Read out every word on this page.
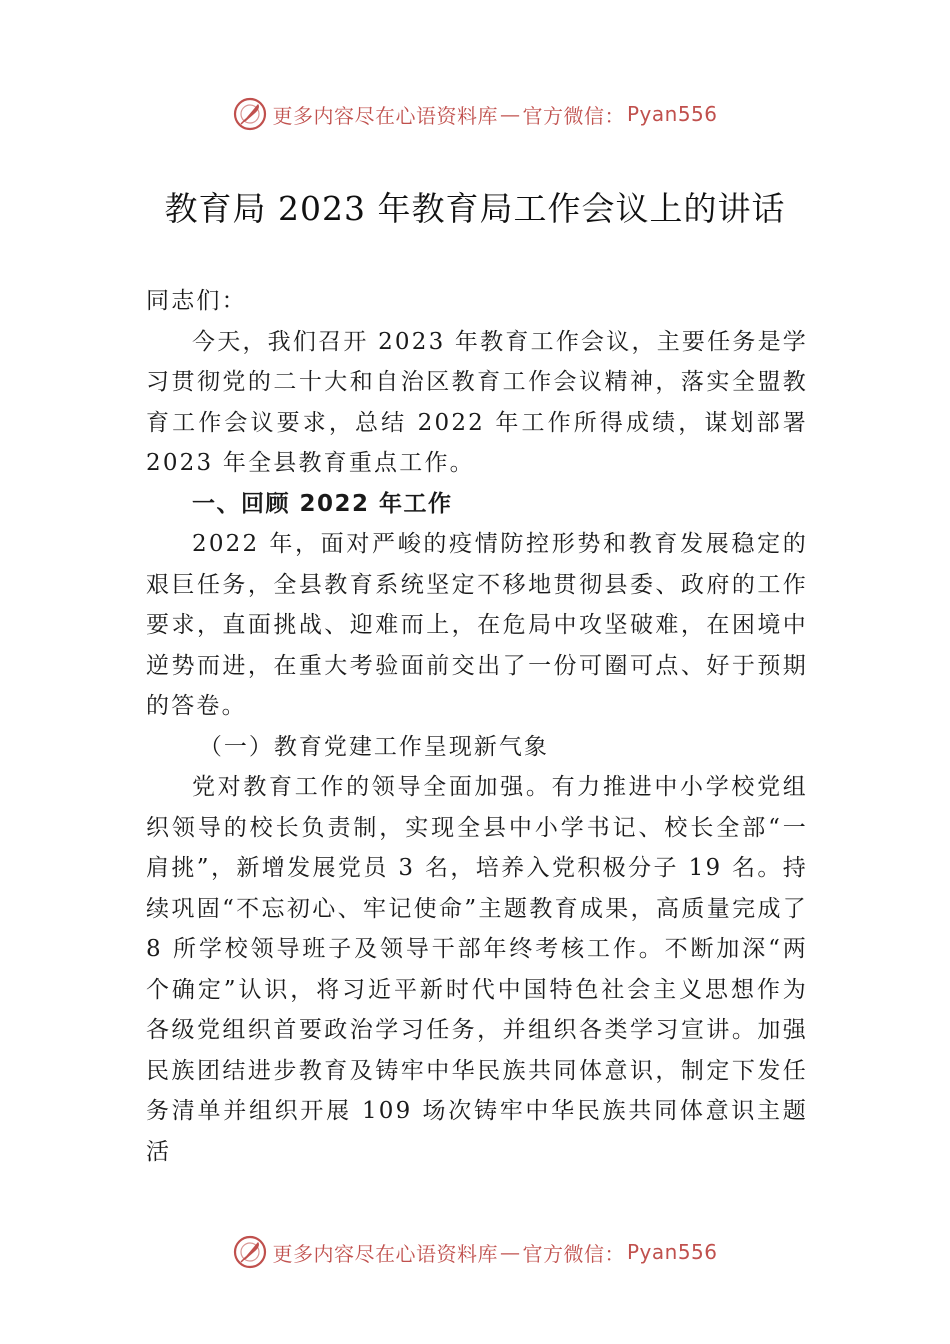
更多内容尽在心语资料库 — 官方微信： Pyan556
教育局 2023 年教育局工作会议上的讲话

同志们：

今天，我们召开 2023 年教育工作会议，主要任务是学习贯彻党的二十大和自治区教育工作会议精神，落实全盟教育工作会议要求，总结 2022 年工作所得成绩，谋划部署 2023 年全县教育重点工作。

一、回顾 2022 年工作

2022 年，面对严峻的疫情防控形势和教育发展稳定的艰巨任务，全县教育系统坚定不移地贯彻县委、政府的工作要求，直面挑战、迎难而上，在危局中攻坚破难，在困境中逆势而进，在重大考验面前交出了一份可圈可点、好于预期的答卷。

（一）教育党建工作呈现新气象

党对教育工作的领导全面加强。有力推进中小学校党组织领导的校长负责制，实现全县中小学书记、校长全部“一肩挑”，新增发展党员 3 名，培养入党积极分子 19 名。持续巩固“不忘初心、牢记使命”主题教育成果，高质量完成了 8 所学校领导班子及领导干部年终考核工作。不断加深“两个确定”认识，将习近平新时代中国特色社会主义思想作为各级党组织首要政治学习任务，并组织各类学习宣讲。加强民族团结进步教育及铸牢中华民族共同体意识，制定下发任务清单并组织开展 109 场次铸牢中华民族共同体意识主题活

更多内容尽在心语资料库 — 官方微信： Pyan556
